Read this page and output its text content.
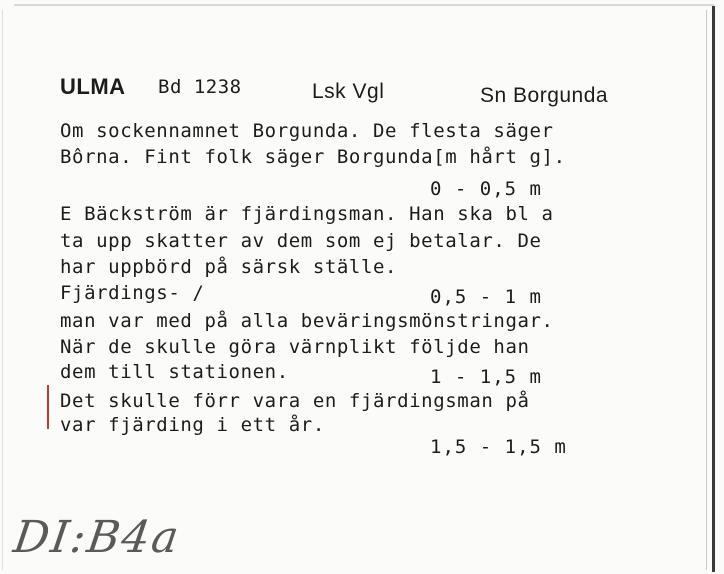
ULMA Bd 1238	Lsk Vgl	Sn Borgunda
Om sockennamnet Borgunda. De flesta säger
Bôrna. Fint folk säger Borgunda[m hårt g].
0 - 0,5 m
E Bäckström är fjärdingsman. Han ska bl a
ta upp skatter av dem som ej betalar. De
har uppbörd på särsk ställe.
Fjärdings- /	0,5 - 1 m
man var med på alla beväringsmönstringar.
När de skulle göra värnplikt följde han
dem till stationen.	1 - 1,5 m
Det skulle förr vara en fjärdingsman på
var fjärding i ett år.
1,5 - 1,5 m
DI:B4a
